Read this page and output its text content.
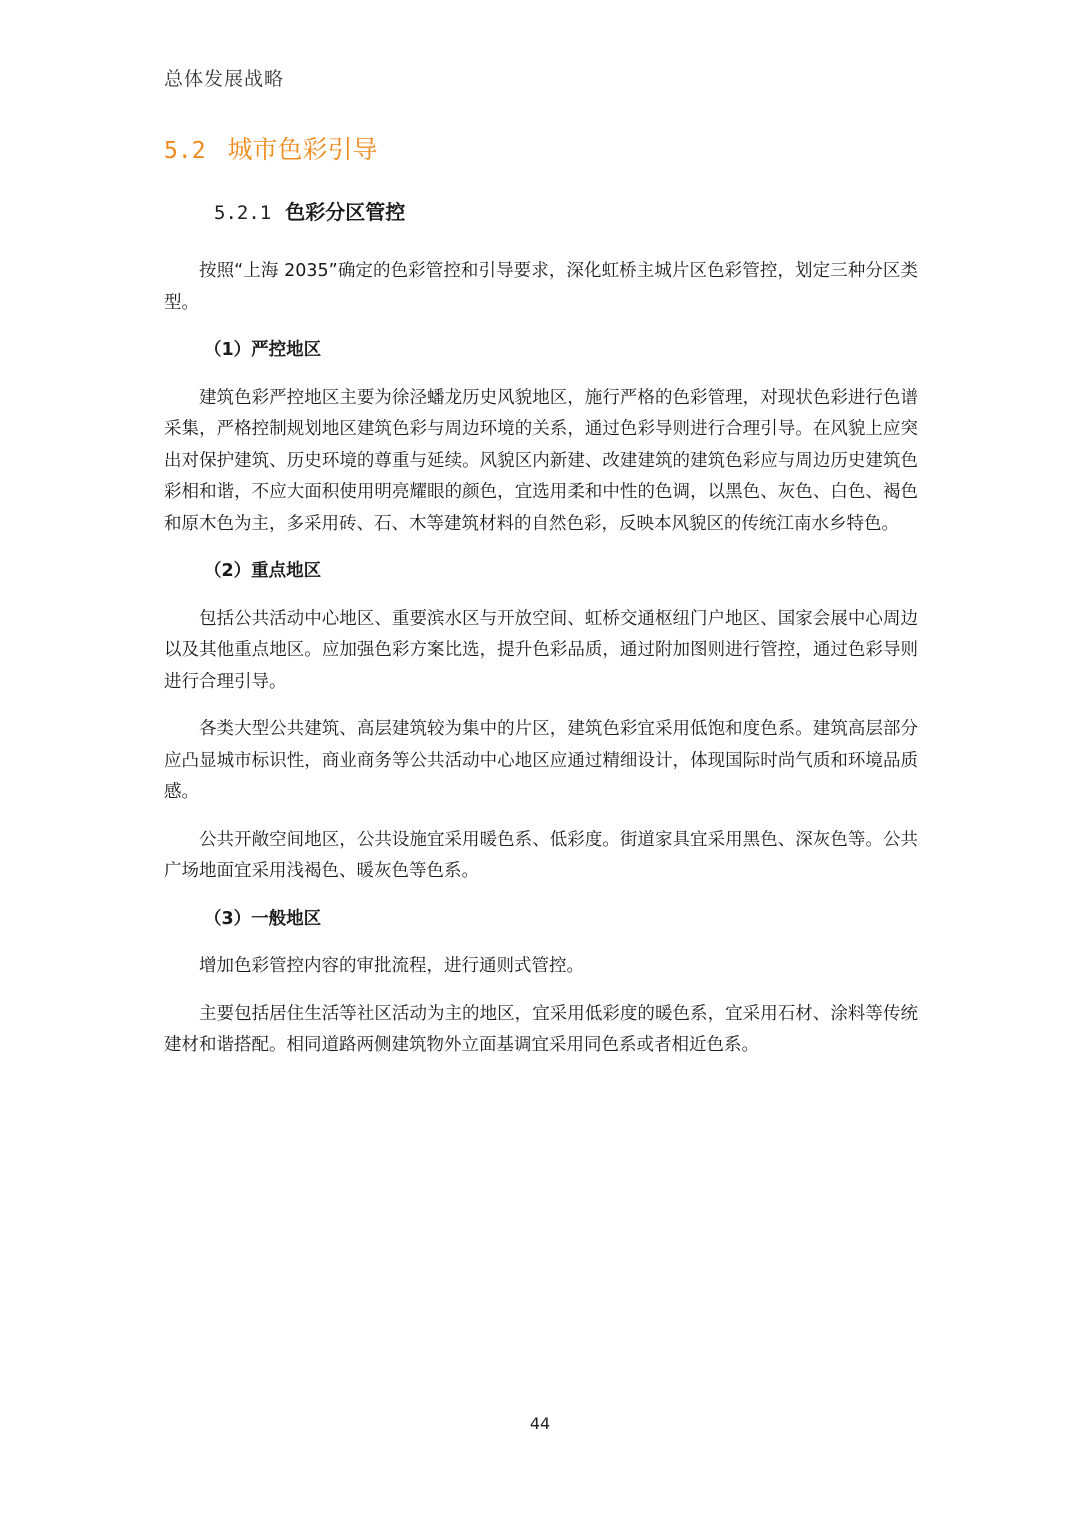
总体发展战略
5.2 城市色彩引导
5.2.1 色彩分区管控

按照“上海 2035”确定的色彩管控和引导要求，深化虹桥主城片区色彩管控，划定三种分区类型。

（1）严控地区

建筑色彩严控地区主要为徐泾蟠龙历史风貌地区，施行严格的色彩管理，对现状色彩进行色谱采集，严格控制规划地区建筑色彩与周边环境的关系，通过色彩导则进行合理引导。在风貌上应突出对保护建筑、历史环境的尊重与延续。风貌区内新建、改建建筑的建筑色彩应与周边历史建筑色彩相和谐，不应大面积使用明亮耀眼的颜色，宜选用柔和中性的色调，以黑色、灰色、白色、褐色和原木色为主，多采用砖、石、木等建筑材料的自然色彩，反映本风貌区的传统江南水乡特色。

（2）重点地区

包括公共活动中心地区、重要滨水区与开放空间、虹桥交通枢纽门户地区、国家会展中心周边以及其他重点地区。应加强色彩方案比选，提升色彩品质，通过附加图则进行管控，通过色彩导则进行合理引导。

各类大型公共建筑、高层建筑较为集中的片区，建筑色彩宜采用低饱和度色系。建筑高层部分应凸显城市标识性，商业商务等公共活动中心地区应通过精细设计，体现国际时尚气质和环境品质感。

公共开敞空间地区，公共设施宜采用暖色系、低彩度。街道家具宜采用黑色、深灰色等。公共广场地面宜采用浅褐色、暖灰色等色系。

（3）一般地区

增加色彩管控内容的审批流程，进行通则式管控。

主要包括居住生活等社区活动为主的地区，宜采用低彩度的暖色系，宜采用石材、涂料等传统建材和谐搭配。相同道路两侧建筑物外立面基调宜采用同色系或者相近色系。

44
